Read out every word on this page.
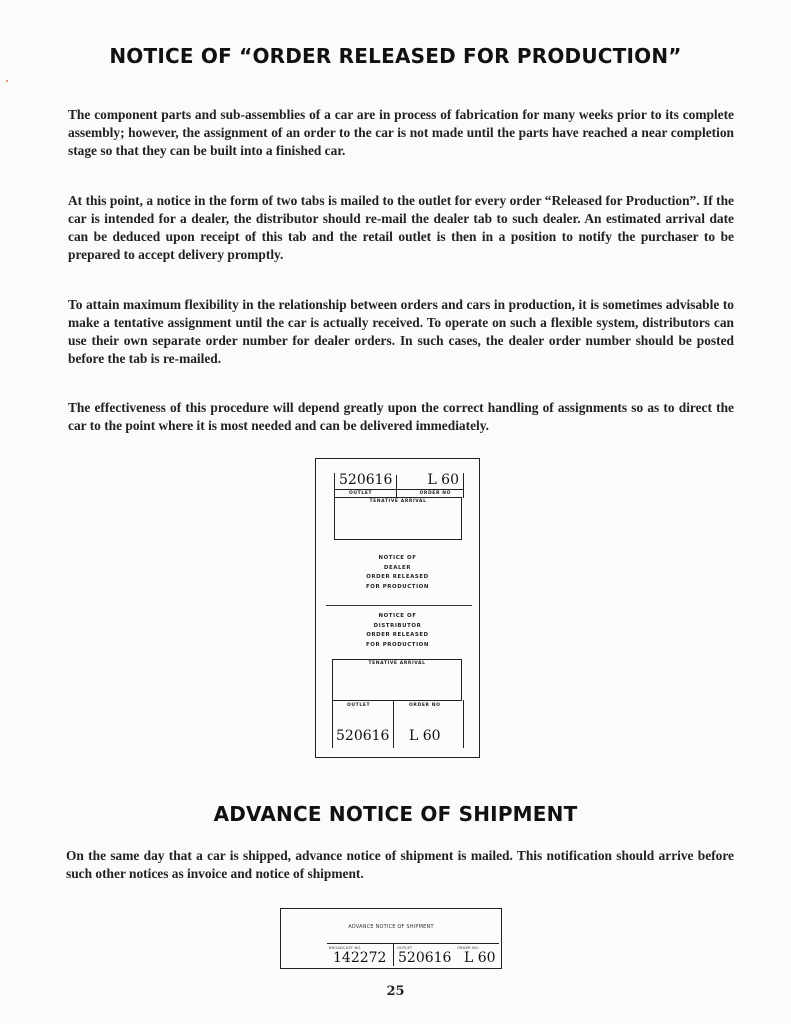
NOTICE OF “ORDER RELEASED FOR PRODUCTION”

The component parts and sub-assemblies of a car are in process of fabrication for many weeks prior to its complete assembly; however, the assignment of an order to the car is not made until the parts have reached a near completion stage so that they can be built into a finished car.

At this point, a notice in the form of two tabs is mailed to the outlet for every order “Released for Production”. If the car is intended for a dealer, the distributor should re-mail the dealer tab to such dealer. An estimated arrival date can be deduced upon receipt of this tab and the retail outlet is then in a position to notify the purchaser to be prepared to accept delivery promptly.

To attain maximum flexibility in the relationship between orders and cars in production, it is sometimes advisable to make a tentative assignment until the car is actually received. To operate on such a flexible system, distributors can use their own separate order number for dealer orders. In such cases, the dealer order number should be posted before the tab is re-mailed.

The effectiveness of this procedure will depend greatly upon the correct handling of assignments so as to direct the car to the point where it is most needed and can be delivered immediately.

520616 L 60
OUTLET	ORDER NO
TENATIVE ARRIVAL
NOTICE OF
DEALER
ORDER RELEASED
FOR PRODUCTION
NOTICE OF
DISTRIBUTOR
ORDER RELEASED
FOR PRODUCTION
TENATIVE ARRIVAL
OUTLET	ORDER NO
520616 L 60
ADVANCE NOTICE OF SHIPMENT

On the same day that a car is shipped, advance notice of shipment is mailed. This notification should arrive before such other notices as invoice and notice of shipment.

ADVANCE NOTICE OF SHIPMENT
BROADCAST NO.	OUTLET	ORDER NO.
142272 520616 L 60
25
